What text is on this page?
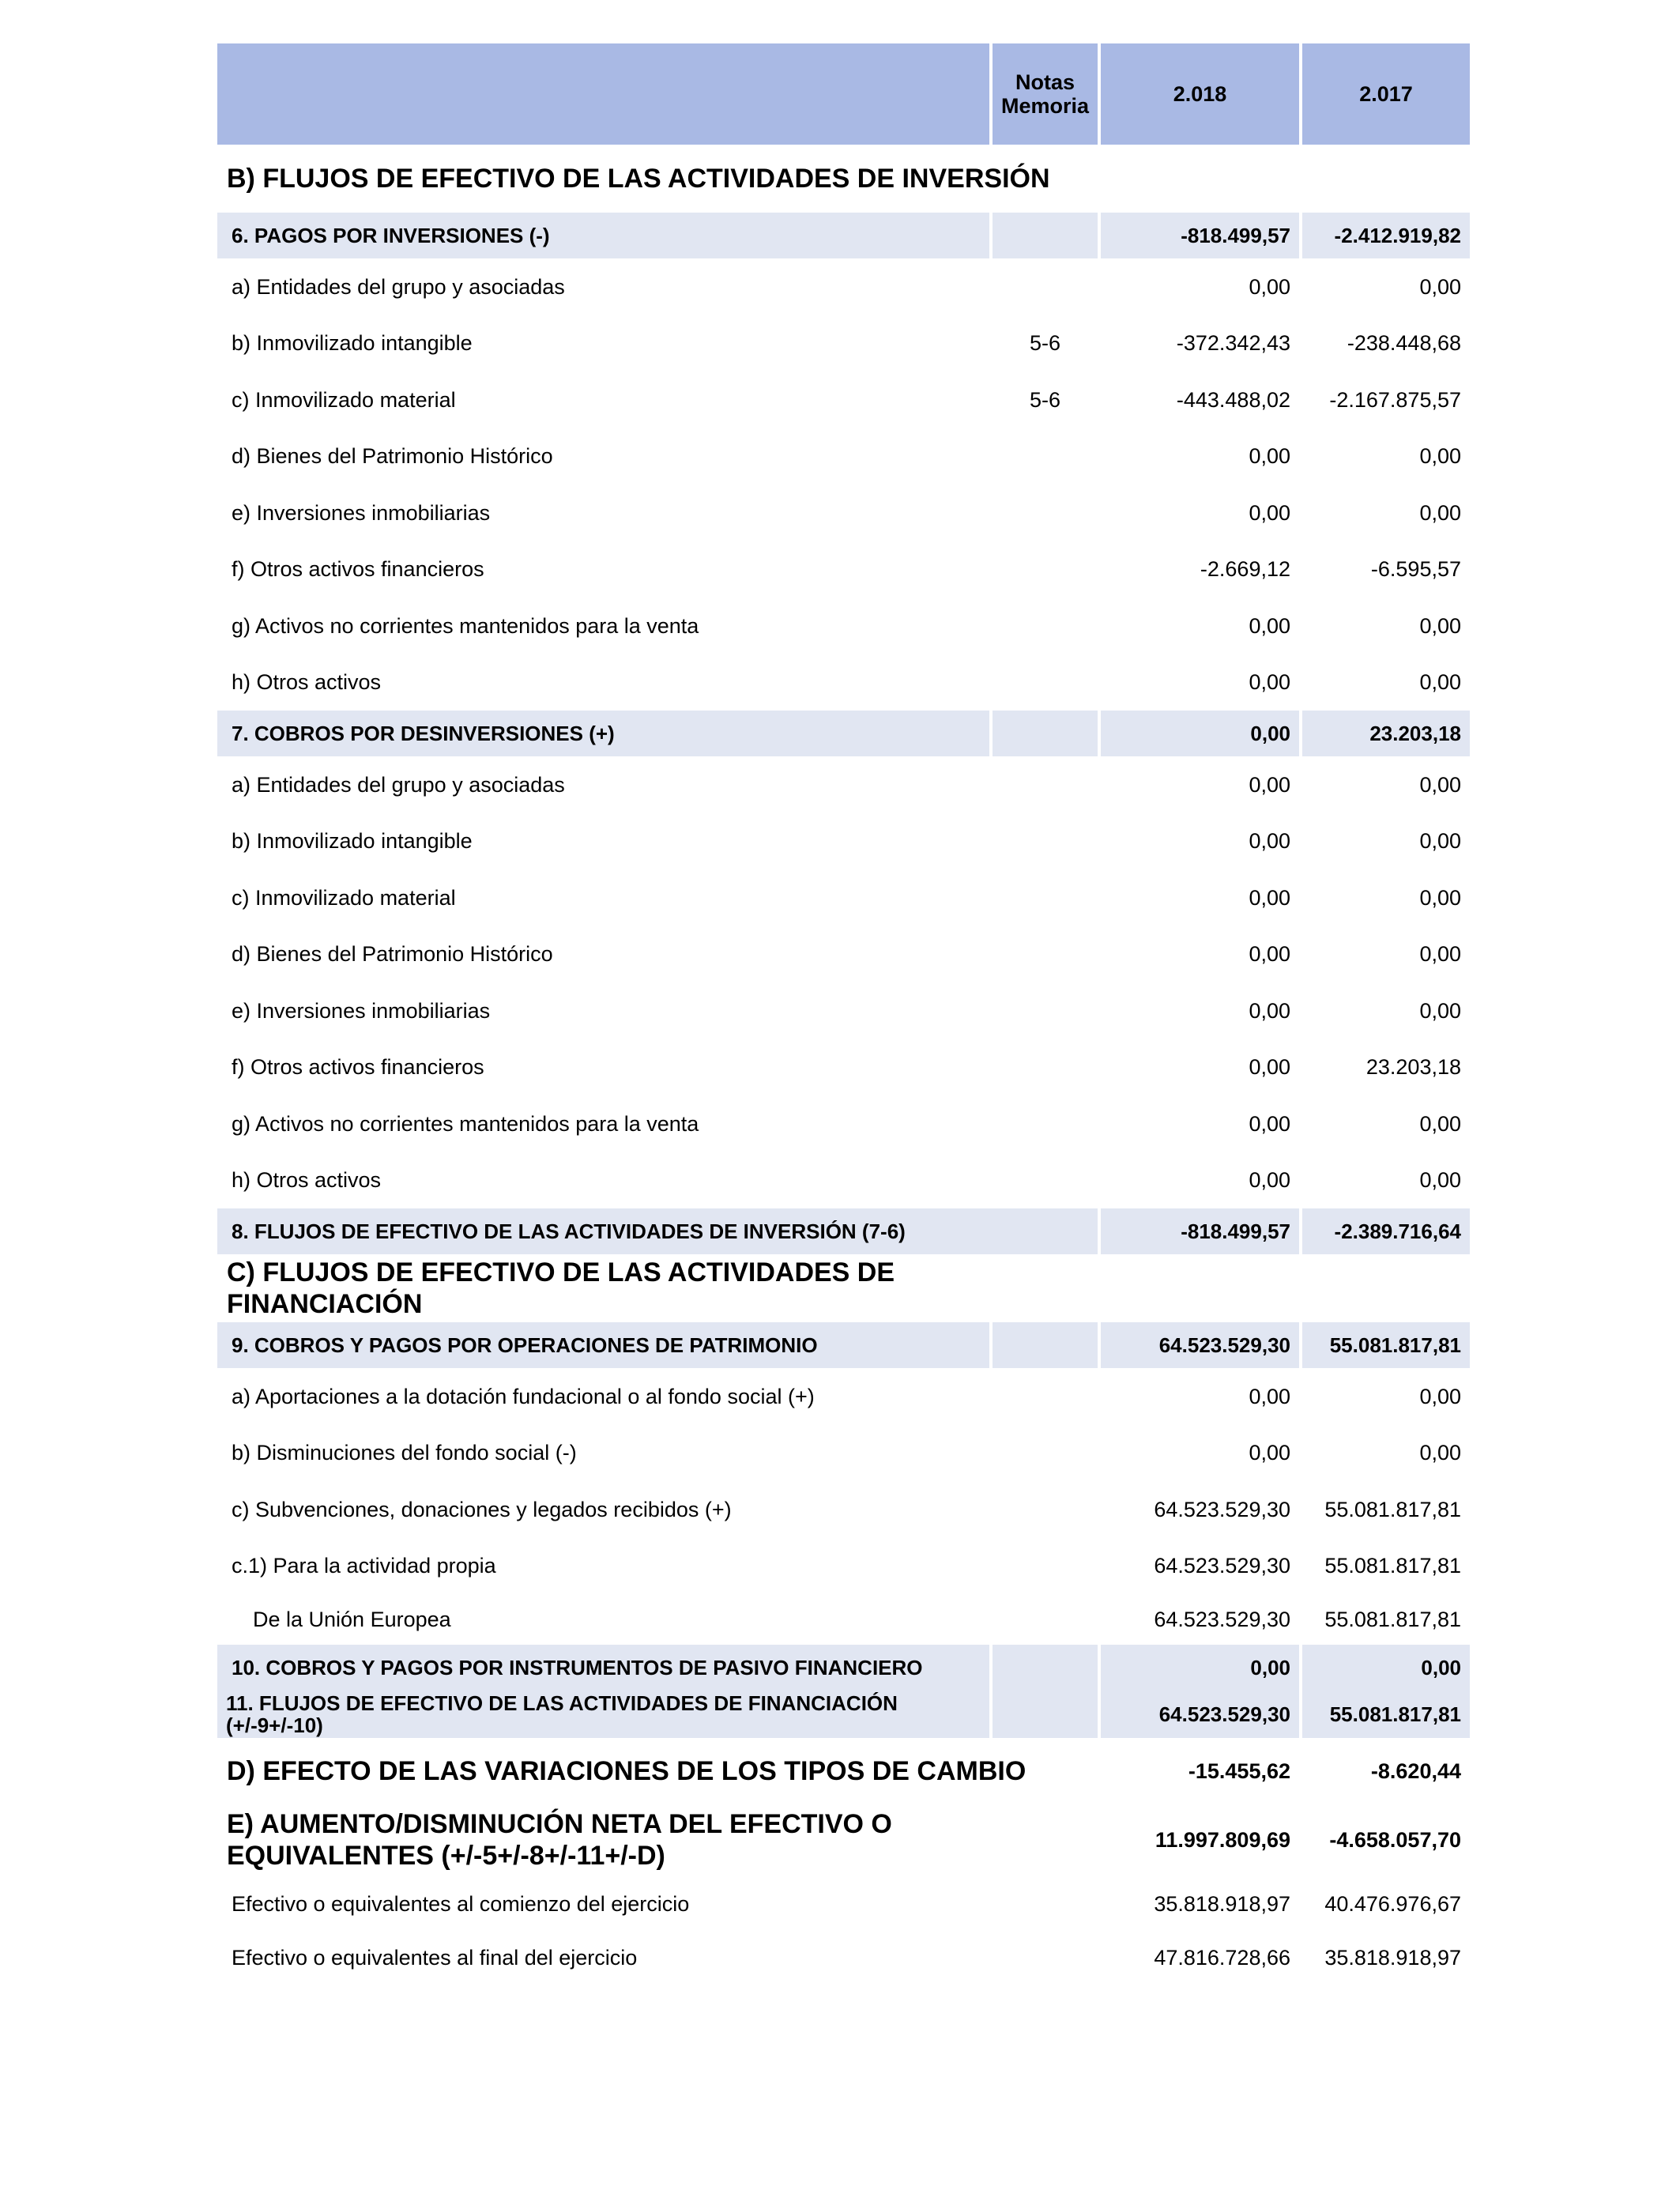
	Notas Memoria	2.018	2.017
B) FLUJOS DE EFECTIVO DE LAS ACTIVIDADES DE INVERSIÓN			
6. PAGOS POR INVERSIONES (-)		-818.499,57	-2.412.919,82
a) Entidades del grupo y asociadas		0,00	0,00
b) Inmovilizado intangible	5-6	-372.342,43	-238.448,68
c) Inmovilizado material	5-6	-443.488,02	-2.167.875,57
d) Bienes del Patrimonio Histórico		0,00	0,00
e) Inversiones inmobiliarias		0,00	0,00
f) Otros activos financieros		-2.669,12	-6.595,57
g) Activos no corrientes mantenidos para la venta		0,00	0,00
h) Otros activos		0,00	0,00
7. COBROS POR DESINVERSIONES (+)		0,00	23.203,18
a) Entidades del grupo y asociadas		0,00	0,00
b) Inmovilizado intangible		0,00	0,00
c) Inmovilizado material		0,00	0,00
d) Bienes del Patrimonio Histórico		0,00	0,00
e) Inversiones inmobiliarias		0,00	0,00
f) Otros activos financieros		0,00	23.203,18
g) Activos no corrientes mantenidos para la venta		0,00	0,00
h) Otros activos		0,00	0,00
8. FLUJOS DE EFECTIVO DE LAS ACTIVIDADES DE INVERSIÓN (7-6)		-818.499,57	-2.389.716,64
C) FLUJOS DE EFECTIVO DE LAS ACTIVIDADES DE FINANCIACIÓN			
9. COBROS Y PAGOS POR OPERACIONES DE PATRIMONIO		64.523.529,30	55.081.817,81
a) Aportaciones a la dotación fundacional o al fondo social (+)		0,00	0,00
b) Disminuciones del fondo social (-)		0,00	0,00
c) Subvenciones, donaciones y legados recibidos (+)		64.523.529,30	55.081.817,81
c.1) Para la actividad propia		64.523.529,30	55.081.817,81
De la Unión Europea		64.523.529,30	55.081.817,81
10. COBROS Y PAGOS POR INSTRUMENTOS DE PASIVO FINANCIERO		0,00	0,00
11. FLUJOS DE EFECTIVO DE LAS ACTIVIDADES DE FINANCIACIÓN (+/-9+/-10)		64.523.529,30	55.081.817,81
D) EFECTO DE LAS VARIACIONES DE LOS TIPOS DE CAMBIO		-15.455,62	-8.620,44
E) AUMENTO/DISMINUCIÓN NETA DEL EFECTIVO O EQUIVALENTES (+/-5+/-8+/-11+/-D)		11.997.809,69	-4.658.057,70
Efectivo o equivalentes al comienzo del ejercicio		35.818.918,97	40.476.976,67
Efectivo o equivalentes al final del ejercicio		47.816.728,66	35.818.918,97
